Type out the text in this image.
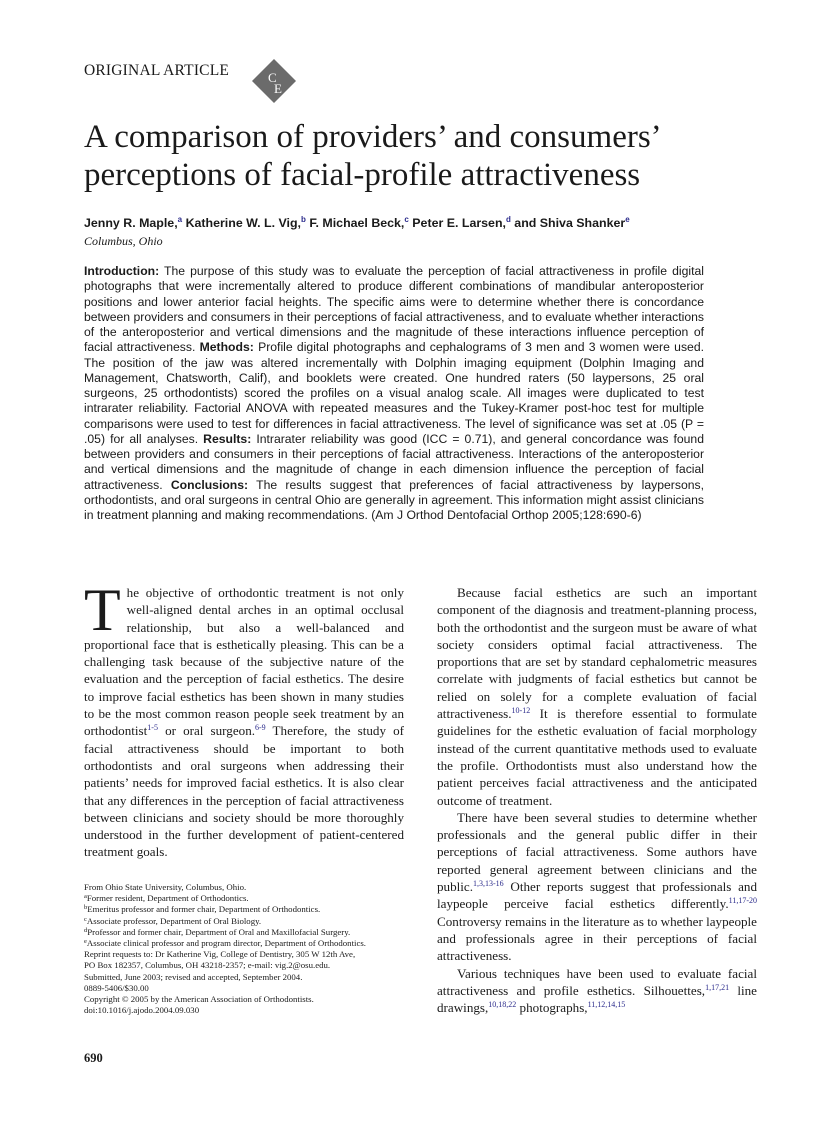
ORIGINAL ARTICLE	C
E
A comparison of providers’ and consumers’ perceptions of facial-profile attractiveness
Jenny R. Maple,$^a$ Katherine W. L. Vig,$^b$ F. Michael Beck,$^c$ Peter E. Larsen,$^d$ and Shiva Shanker$^e$
Columbus, Ohio
Introduction: The purpose of this study was to evaluate the perception of facial attractiveness in profile digital photographs that were incrementally altered to produce different combinations of mandibular anteroposterior positions and lower anterior facial heights. The specific aims were to determine whether there is concordance between providers and consumers in their perceptions of facial attractiveness, and to evaluate whether interactions of the anteroposterior and vertical dimensions and the magnitude of these interactions influence perception of facial attractiveness. Methods: Profile digital photographs and cephalograms of 3 men and 3 women were used. The position of the jaw was altered incrementally with Dolphin imaging equipment (Dolphin Imaging and Management, Chatsworth, Calif), and booklets were created. One hundred raters (50 laypersons, 25 oral surgeons, 25 orthodontists) scored the profiles on a visual analog scale. All images were duplicated to test intrarater reliability. Factorial ANOVA with repeated measures and the Tukey-Kramer post-hoc test for multiple comparisons were used to test for differences in facial attractiveness. The level of significance was set at .05 (P = .05) for all analyses. Results: Intrarater reliability was good (ICC = 0.71), and general concordance was found between providers and consumers in their perceptions of facial attractiveness. Interactions of the anteroposterior and vertical dimensions and the magnitude of change in each dimension influence the perception of facial attractiveness. Conclusions: The results suggest that preferences of facial attractiveness by laypersons, orthodontists, and oral surgeons in central Ohio are generally in agreement. This information might assist clinicians in treatment planning and making recommendations. (Am J Orthod Dentofacial Orthop 2005;128:690-6)

The objective of orthodontic treatment is not only well-aligned dental arches in an optimal occlusal relationship, but also a well-balanced and proportional face that is esthetically pleasing. This can be a challenging task because of the subjective nature of the evaluation and the perception of facial esthetics. The desire to improve facial esthetics has been shown in many studies to be the most common reason people seek treatment by an orthodontist$^{1-5}$ or oral surgeon.$^{6-9}$ Therefore, the study of facial attractiveness should be important to both orthodontists and oral surgeons when addressing their patients’ needs for improved facial esthetics. It is also clear that any differences in the perception of facial attractiveness between clinicians and society should be more thoroughly understood in the further development of patient-centered treatment goals.

Because facial esthetics are such an important component of the diagnosis and treatment-planning process, both the orthodontist and the surgeon must be aware of what society considers optimal facial attractiveness. The proportions that are set by standard cephalometric measures correlate with judgments of facial esthetics but cannot be relied on solely for a complete evaluation of facial attractiveness.$^{10-12}$ It is therefore essential to formulate guidelines for the esthetic evaluation of facial morphology instead of the current quantitative methods used to evaluate the profile. Orthodontists must also understand how the patient perceives facial attractiveness and the anticipated outcome of treatment.

There have been several studies to determine whether professionals and the general public differ in their perceptions of facial attractiveness. Some authors have reported general agreement between clinicians and the public.$^{1,3,13-16}$ Other reports suggest that professionals and laypeople perceive facial esthetics differently.$^{11,17-20}$ Controversy remains in the literature as to whether laypeople and professionals agree in their perceptions of facial attractiveness.

Various techniques have been used to evaluate facial attractiveness and profile esthetics. Silhouettes,$^{1,17,21}$ line drawings,$^{10,18,22}$ photographs,$^{11,12,14,15}$

From Ohio State University, Columbus, Ohio.
$^a$Former resident, Department of Orthodontics.
$^b$Emeritus professor and former chair, Department of Orthodontics.
$^c$Associate professor, Department of Oral Biology.
$^d$Professor and former chair, Department of Oral and Maxillofacial Surgery.
$^e$Associate clinical professor and program director, Department of Orthodontics.
Reprint requests to: Dr Katherine Vig, College of Dentistry, 305 W 12th Ave,
PO Box 182357, Columbus, OH 43218-2357; e-mail: vig.2@osu.edu.
Submitted, June 2003; revised and accepted, September 2004.
0889-5406/$30.00
Copyright © 2005 by the American Association of Orthodontists.
doi:10.1016/j.ajodo.2004.09.030
690
